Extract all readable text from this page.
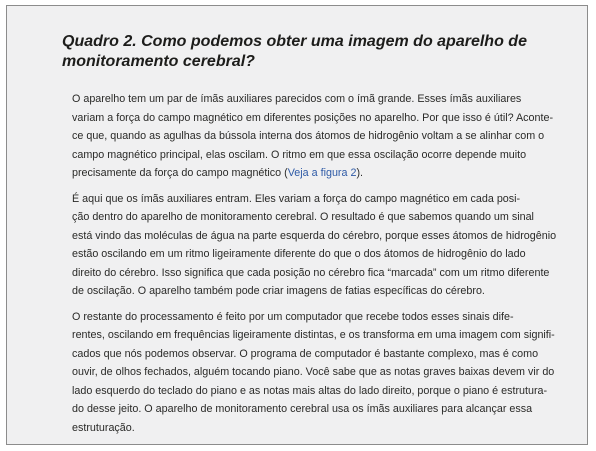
Quadro 2. Como podemos obter uma imagem do aparelho de
monitoramento cerebral?

O aparelho tem um par de ímãs auxiliares parecidos com o ímã grande. Esses ímãs auxiliares
variam a força do campo magnético em diferentes posições no aparelho. Por que isso é útil? Aconte-
ce que, quando as agulhas da bússola interna dos átomos de hidrogênio voltam a se alinhar com o
campo magnético principal, elas oscilam. O ritmo em que essa oscilação ocorre depende muito
precisamente da força do campo magnético (Veja a figura 2).

É aqui que os ímãs auxiliares entram. Eles variam a força do campo magnético em cada posi-
ção dentro do aparelho de monitoramento cerebral. O resultado é que sabemos quando um sinal
está vindo das moléculas de água na parte esquerda do cérebro, porque esses átomos de hidrogênio
estão oscilando em um ritmo ligeiramente diferente do que o dos átomos de hidrogênio do lado
direito do cérebro. Isso significa que cada posição no cérebro fica “marcada” com um ritmo diferente
de oscilação. O aparelho também pode criar imagens de fatias específicas do cérebro.

O restante do processamento é feito por um computador que recebe todos esses sinais dife-
rentes, oscilando em frequências ligeiramente distintas, e os transforma em uma imagem com signifi-
cados que nós podemos observar. O programa de computador é bastante complexo, mas é como
ouvir, de olhos fechados, alguém tocando piano. Você sabe que as notas graves baixas devem vir do
lado esquerdo do teclado do piano e as notas mais altas do lado direito, porque o piano é estrutura-
do desse jeito. O aparelho de monitoramento cerebral usa os ímãs auxiliares para alcançar essa
estruturação.
